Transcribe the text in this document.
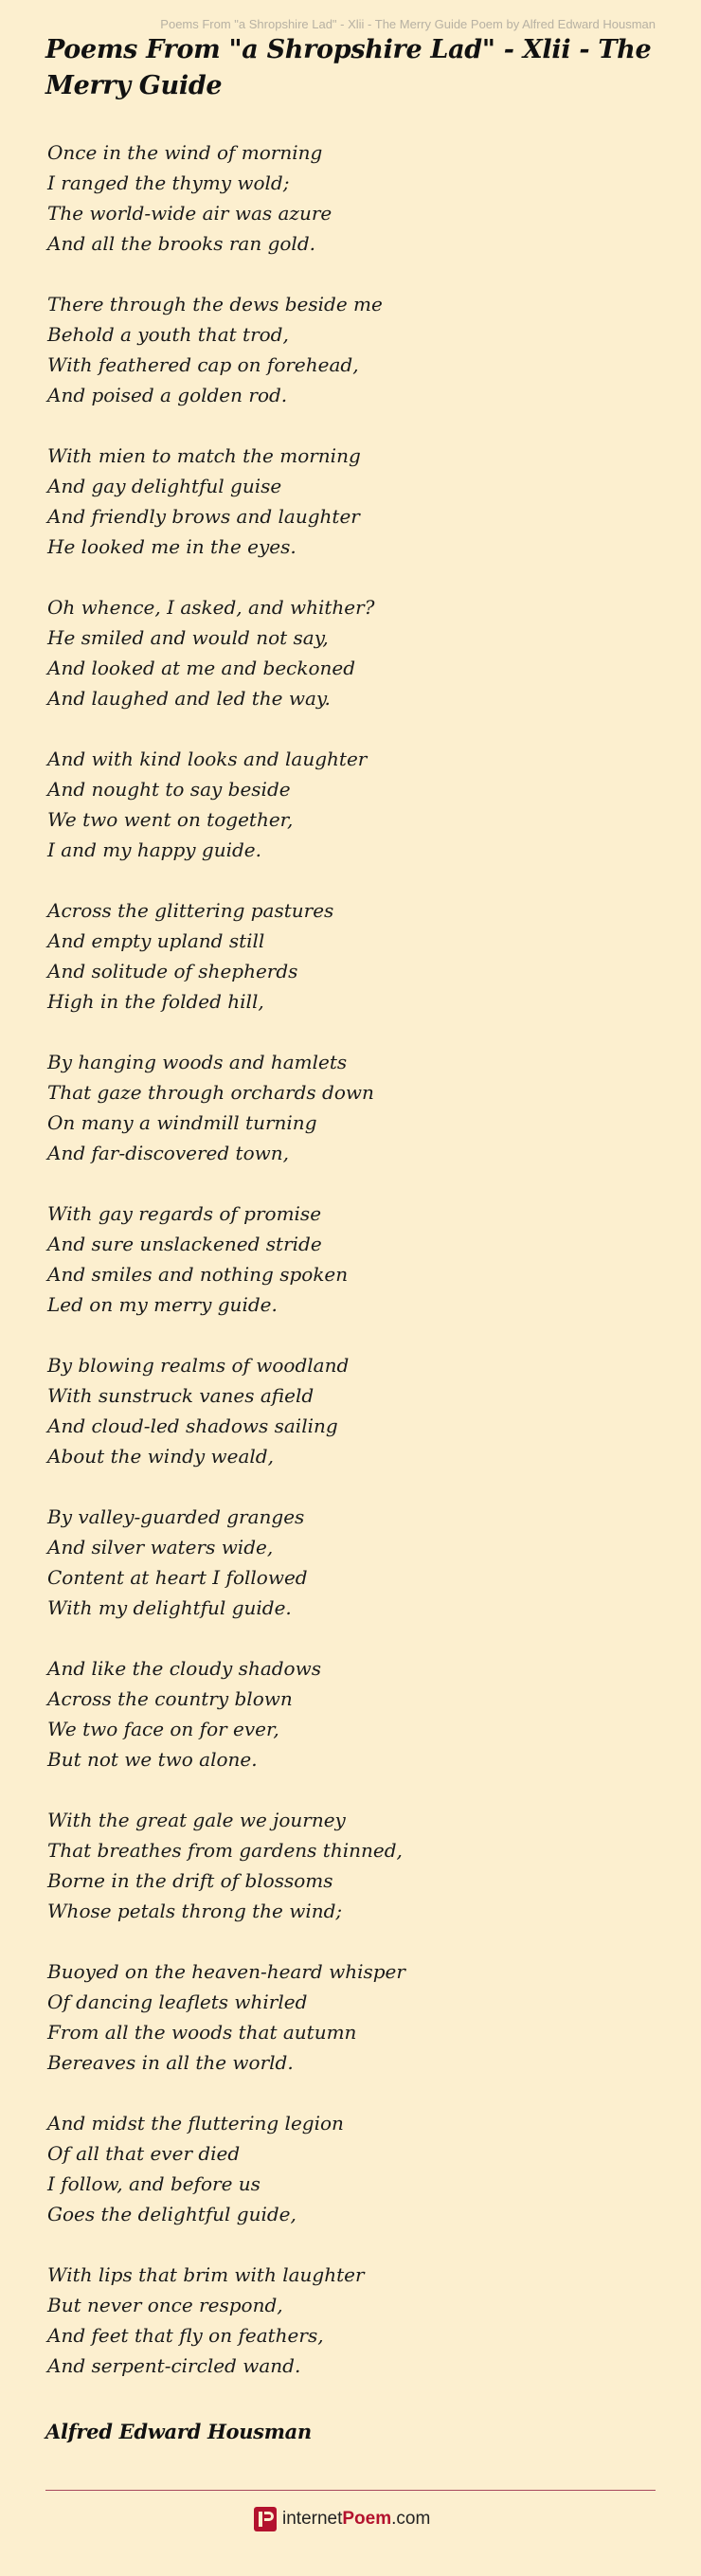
Poems From "a Shropshire Lad" - Xlii - The Merry Guide Poem by Alfred Edward Housman
Poems From "a Shropshire Lad" - Xlii - The Merry Guide
Once in the wind of morning
I ranged the thymy wold;
The world-wide air was azure
And all the brooks ran gold.
There through the dews beside me
Behold a youth that trod,
With feathered cap on forehead,
And poised a golden rod.
With mien to match the morning
And gay delightful guise
And friendly brows and laughter
He looked me in the eyes.
Oh whence, I asked, and whither?
He smiled and would not say,
And looked at me and beckoned
And laughed and led the way.
And with kind looks and laughter
And nought to say beside
We two went on together,
I and my happy guide.
Across the glittering pastures
And empty upland still
And solitude of shepherds
High in the folded hill,
By hanging woods and hamlets
That gaze through orchards down
On many a windmill turning
And far-discovered town,
With gay regards of promise
And sure unslackened stride
And smiles and nothing spoken
Led on my merry guide.
By blowing realms of woodland
With sunstruck vanes afield
And cloud-led shadows sailing
About the windy weald,
By valley-guarded granges
And silver waters wide,
Content at heart I followed
With my delightful guide.
And like the cloudy shadows
Across the country blown
We two face on for ever,
But not we two alone.
With the great gale we journey
That breathes from gardens thinned,
Borne in the drift of blossoms
Whose petals throng the wind;
Buoyed on the heaven-heard whisper
Of dancing leaflets whirled
From all the woods that autumn
Bereaves in all the world.
And midst the fluttering legion
Of all that ever died
I follow, and before us
Goes the delightful guide,
With lips that brim with laughter
But never once respond,
And feet that fly on feathers,
And serpent-circled wand.
Alfred Edward Housman
internetPoem.com
